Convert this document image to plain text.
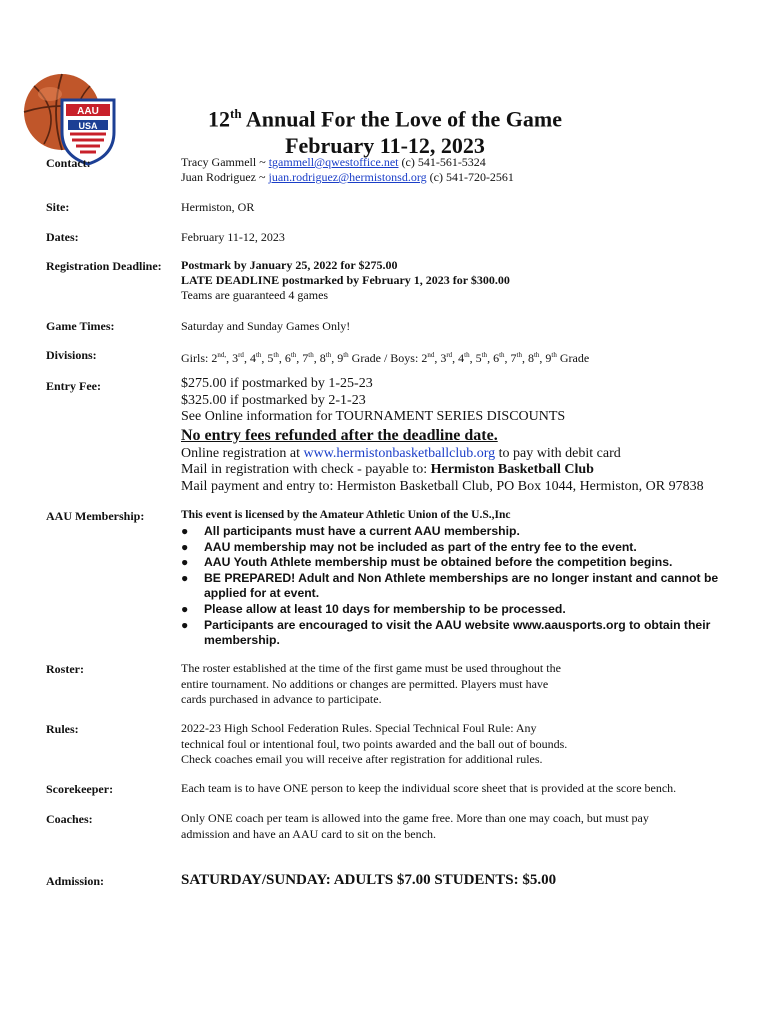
AAU
USA	12th Annual For the Love of the Game
February 11-12, 2023
Contact:	Tracy Gammell ~ tgammell@qwestoffice.net (c) 541-561-5324
Juan Rodriguez ~ juan.rodriguez@hermistonsd.org (c) 541-720-2561
Site:	Hermiston, OR
Dates:	February 11-12, 2023
Registration Deadline: Postmark by January 25, 2022 for $275.00
LATE DEADLINE postmarked by February 1, 2023 for $300.00
Teams are guaranteed 4 games
Game Times:	Saturday and Sunday Games Only!
Divisions:	Girls: $2^{nd,}$, 3rd, 4th, 5th, 6th, 7th, 8th, 9th Grade / Boys: 2nd, 3rd, 4th, 5th, 6th, 7th, 8th, 9th Grade
Entry Fee:	$275.00 if postmarked by 1-25-23
$325.00 if postmarked by 2-1-23
See Online information for TOURNAMENT SERIES DISCOUNTS
No entry fees refunded after the deadline date.
Online registration at www.hermistonbasketballclub.org to pay with debit card
Mail in registration with check - payable to: Hermiston Basketball Club
Mail payment and entry to: Hermiston Basketball Club, PO Box 1044, Hermiston, OR 97838
AAU Membership:	This event is licensed by the Amateur Athletic Union of the U.S.,Inc
● All participants must have a current AAU membership.
● AAU membership may not be included as part of the entry fee to the event.
● AAU Youth Athlete membership must be obtained before the competition begins.
● BE PREPARED! Adult and Non Athlete memberships are no longer instant and cannot be applied for at event.
● Please allow at least 10 days for membership to be processed.
● Participants are encouraged to visit the AAU website www.aausports.org to obtain their membership.
Roster:	The roster established at the time of the first game must be used throughout the
entire tournament. No additions or changes are permitted. Players must have
cards purchased in advance to participate.
Rules:	2022-23 High School Federation Rules. Special Technical Foul Rule: Any
technical foul or intentional foul, two points awarded and the ball out of bounds.
Check coaches email you will receive after registration for additional rules.
Scorekeeper:	Each team is to have ONE person to keep the individual score sheet that is provided at the score bench.
Coaches:	Only ONE coach per team is allowed into the game free. More than one may coach, but must pay
admission and have an AAU card to sit on the bench.
Admission:	SATURDAY/SUNDAY: ADULTS $7.00 STUDENTS: $5.00
